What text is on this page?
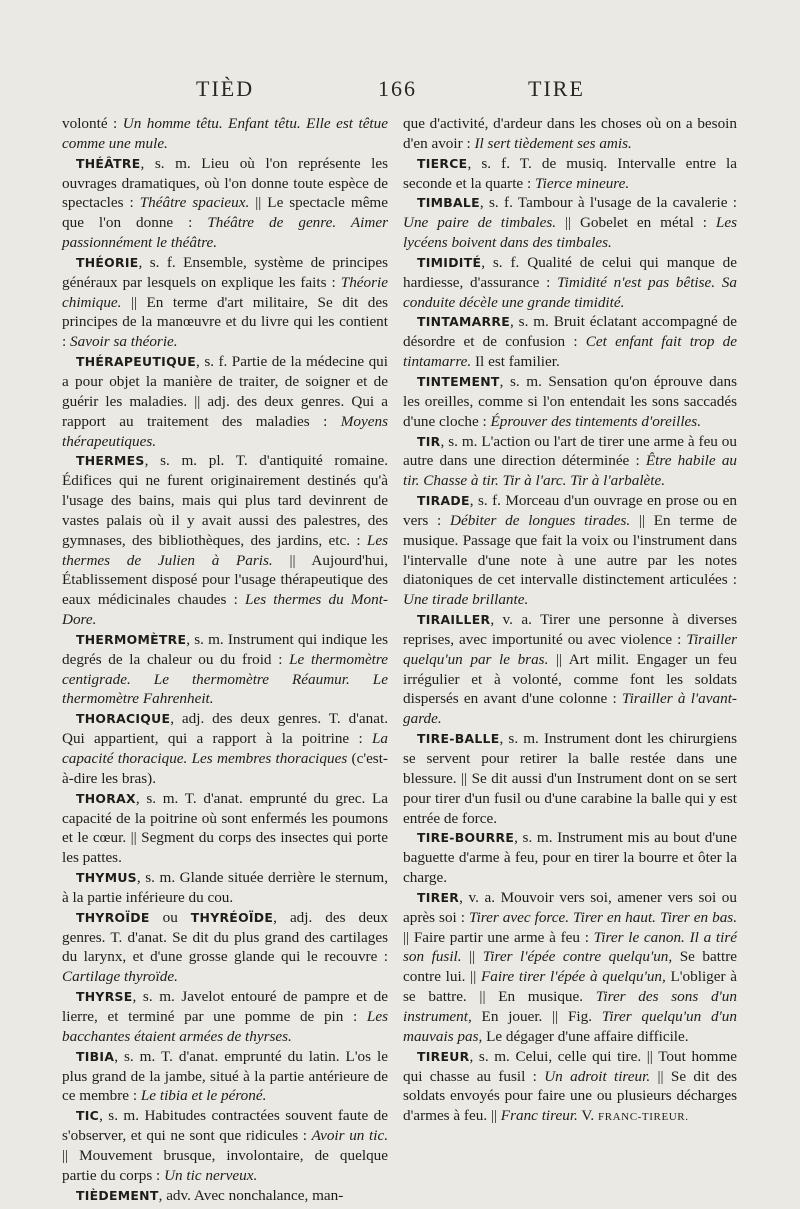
TIÈD	166	TIRE

volonté : Un homme têtu. Enfant têtu. Elle est têtue comme une mule.

THÉÂTRE, s. m. Lieu où l'on représente les ouvrages dramatiques, où l'on donne toute espèce de spectacles : Théâtre spacieux. || Le spectacle même que l'on donne : Théâtre de genre. Aimer passionnément le théâtre.

THÉORIE, s. f. Ensemble, système de principes généraux par lesquels on explique les faits : Théorie chimique. || En terme d'art militaire, Se dit des principes de la manœuvre et du livre qui les contient : Savoir sa théorie.

THÉRAPEUTIQUE, s. f. Partie de la médecine qui a pour objet la manière de traiter, de soigner et de guérir les maladies. || adj. des deux genres. Qui a rapport au traitement des maladies : Moyens thérapeutiques.

THERMES, s. m. pl. T. d'antiquité romaine. Édifices qui ne furent originairement destinés qu'à l'usage des bains, mais qui plus tard devinrent de vastes palais où il y avait aussi des palestres, des gymnases, des bibliothèques, des jardins, etc. : Les thermes de Julien à Paris. || Aujourd'hui, Établissement disposé pour l'usage thérapeutique des eaux médicinales chaudes : Les thermes du Mont-Dore.

THERMOMÈTRE, s. m. Instrument qui indique les degrés de la chaleur ou du froid : Le thermomètre centigrade. Le thermomètre Réaumur. Le thermomètre Fahrenheit.

THORACIQUE, adj. des deux genres. T. d'anat. Qui appartient, qui a rapport à la poitrine : La capacité thoracique. Les membres thoraciques (c'est-à-dire les bras).

THORAX, s. m. T. d'anat. emprunté du grec. La capacité de la poitrine où sont enfermés les poumons et le cœur. || Segment du corps des insectes qui porte les pattes.

THYMUS, s. m. Glande située derrière le sternum, à la partie inférieure du cou.

THYROÏDE ou THYRÉOÏDE, adj. des deux genres. T. d'anat. Se dit du plus grand des cartilages du larynx, et d'une grosse glande qui le recouvre : Cartilage thyroïde.

THYRSE, s. m. Javelot entouré de pampre et de lierre, et terminé par une pomme de pin : Les bacchantes étaient armées de thyrses.

TIBIA, s. m. T. d'anat. emprunté du latin. L'os le plus grand de la jambe, situé à la partie antérieure de ce membre : Le tibia et le péroné.

TIC, s. m. Habitudes contractées souvent faute de s'observer, et qui ne sont que ridicules : Avoir un tic. || Mouvement brusque, involontaire, de quelque partie du corps : Un tic nerveux.

TIÈDEMENT, adv. Avec nonchalance, man-

que d'activité, d'ardeur dans les choses où on a besoin d'en avoir : Il sert tièdement ses amis.

TIERCE, s. f. T. de musiq. Intervalle entre la seconde et la quarte : Tierce mineure.

TIMBALE, s. f. Tambour à l'usage de la cavalerie : Une paire de timbales. || Gobelet en métal : Les lycéens boivent dans des timbales.

TIMIDITÉ, s. f. Qualité de celui qui manque de hardiesse, d'assurance : Timidité n'est pas bêtise. Sa conduite décèle une grande timidité.

TINTAMARRE, s. m. Bruit éclatant accompagné de désordre et de confusion : Cet enfant fait trop de tintamarre. Il est familier.

TINTEMENT, s. m. Sensation qu'on éprouve dans les oreilles, comme si l'on entendait les sons saccadés d'une cloche : Éprouver des tintements d'oreilles.

TIR, s. m. L'action ou l'art de tirer une arme à feu ou autre dans une direction déterminée : Être habile au tir. Chasse à tir. Tir à l'arc. Tir à l'arbalète.

TIRADE, s. f. Morceau d'un ouvrage en prose ou en vers : Débiter de longues tirades. || En terme de musique. Passage que fait la voix ou l'instrument dans l'intervalle d'une note à une autre par les notes diatoniques de cet intervalle distinctement articulées : Une tirade brillante.

TIRAILLER, v. a. Tirer une personne à diverses reprises, avec importunité ou avec violence : Tirailler quelqu'un par le bras. || Art milit. Engager un feu irrégulier et à volonté, comme font les soldats dispersés en avant d'une colonne : Tirailler à l'avant-garde.

TIRE-BALLE, s. m. Instrument dont les chirurgiens se servent pour retirer la balle restée dans une blessure. || Se dit aussi d'un Instrument dont on se sert pour tirer d'un fusil ou d'une carabine la balle qui y est entrée de force.

TIRE-BOURRE, s. m. Instrument mis au bout d'une baguette d'arme à feu, pour en tirer la bourre et ôter la charge.

TIRER, v. a. Mouvoir vers soi, amener vers soi ou après soi : Tirer avec force. Tirer en haut. Tirer en bas. || Faire partir une arme à feu : Tirer le canon. Il a tiré son fusil. || Tirer l'épée contre quelqu'un, Se battre contre lui. || Faire tirer l'épée à quelqu'un, L'obliger à se battre. || En musique. Tirer des sons d'un instrument, En jouer. || Fig. Tirer quelqu'un d'un mauvais pas, Le dégager d'une affaire difficile.

TIREUR, s. m. Celui, celle qui tire. || Tout homme qui chasse au fusil : Un adroit tireur. || Se dit des soldats envoyés pour faire une ou plusieurs décharges d'armes à feu. || Franc tireur. V. FRANC-TIREUR.
